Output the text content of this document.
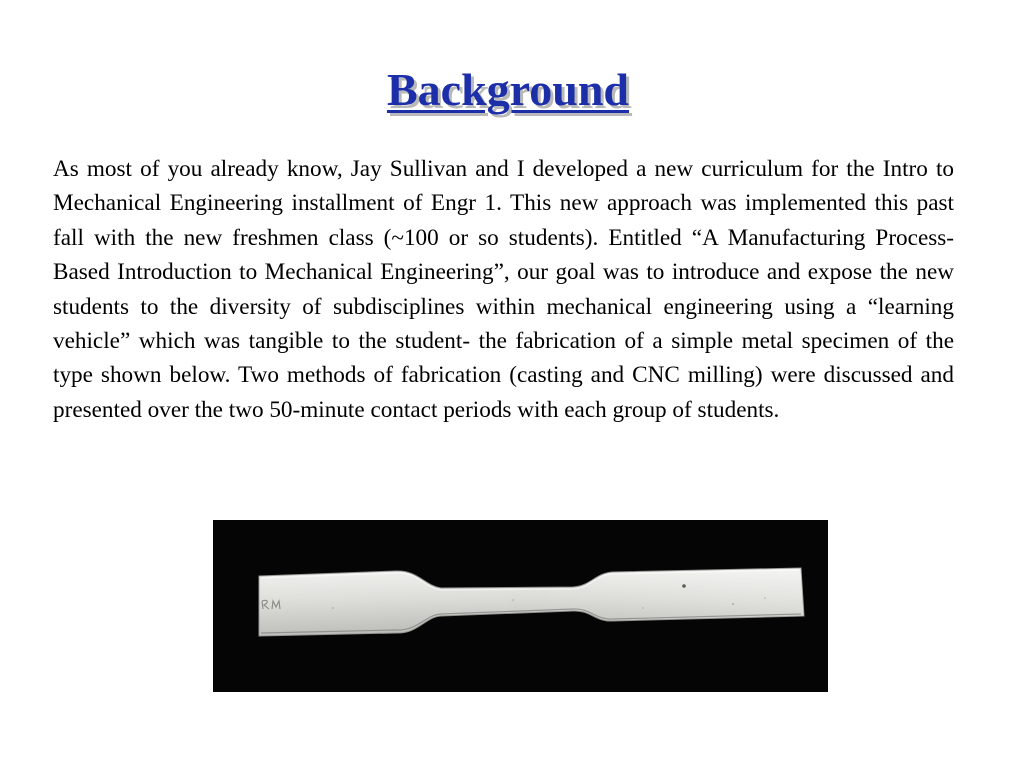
Background

As most of you already know, Jay Sullivan and I developed a new curriculum for the Intro to Mechanical Engineering installment of Engr 1. This new approach was implemented this past fall with the new freshmen class (~100 or so students). Entitled “A Manufacturing Process-Based Introduction to Mechanical Engineering”, our goal was to introduce and expose the new students to the diversity of subdisciplines within mechanical engineering using a “learning vehicle” which was tangible to the student- the fabrication of a simple metal specimen of the type shown below. Two methods of fabrication (casting and CNC milling) were discussed and presented over the two 50-minute contact periods with each group of students.
